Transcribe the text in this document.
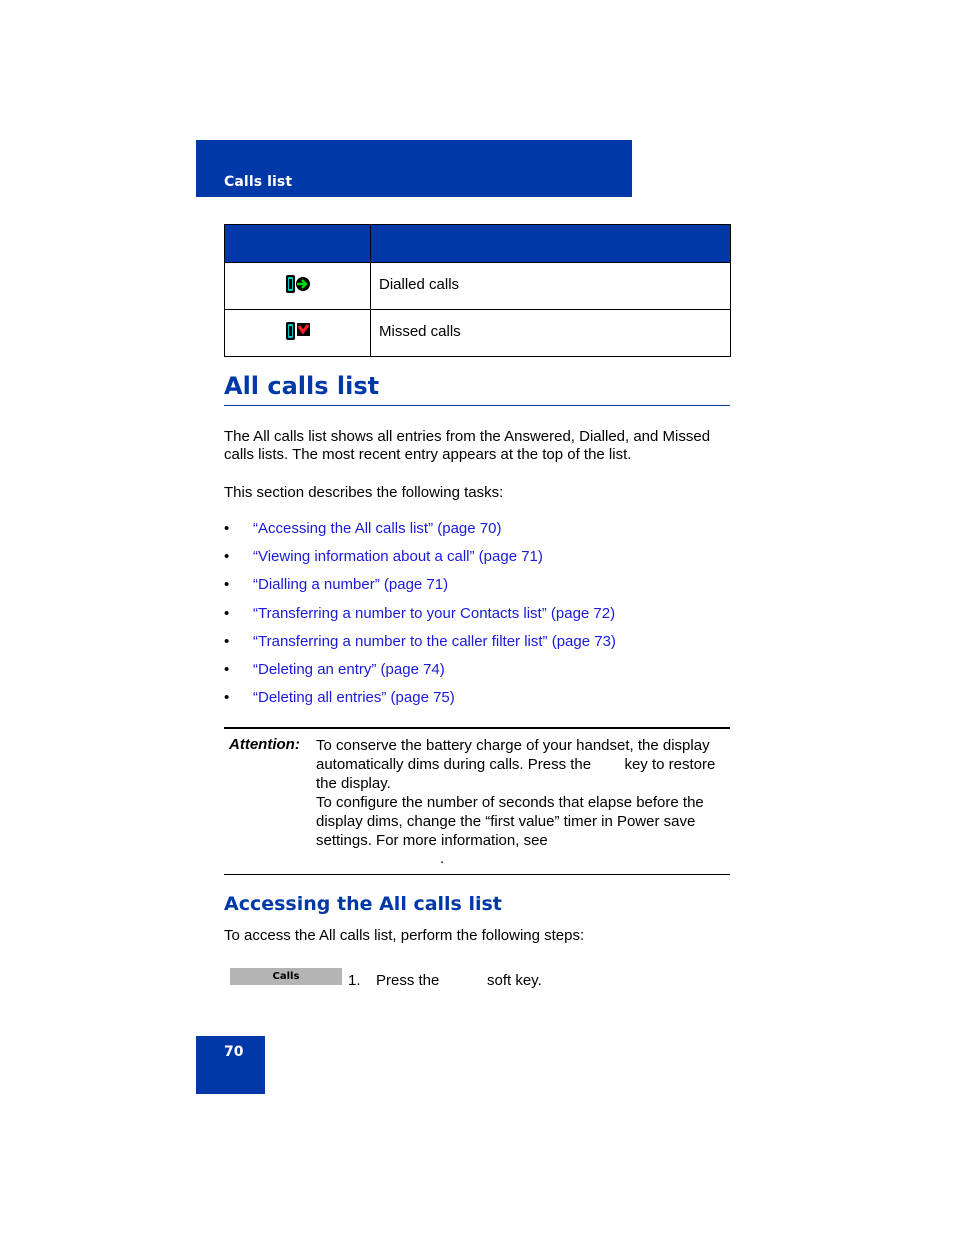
Calls list

	Dialled calls
	Missed calls
All calls list
The All calls list shows all entries from the Answered, Dialled, and Missed calls lists. The most recent entry appears at the top of the list.
This section describes the following tasks:
• “Accessing the All calls list” (page 70)
• “Viewing information about a call” (page 71)
• “Dialling a number” (page 71)
• “Transferring a number to your Contacts list” (page 72)
• “Transferring a number to the caller filter list” (page 73)
• “Deleting an entry” (page 74)
• “Deleting all entries” (page 75)
Attention: To conserve the battery charge of your handset, the display
automatically dims during calls. Press the        key to restore
the display.
To configure the number of seconds that elapse before the
display dims, change the “first value” timer in Power save
settings. For more information, see
.
Accessing the All calls list
To access the All calls list, perform the following steps:
Calls	1. Press the	soft key.
70
